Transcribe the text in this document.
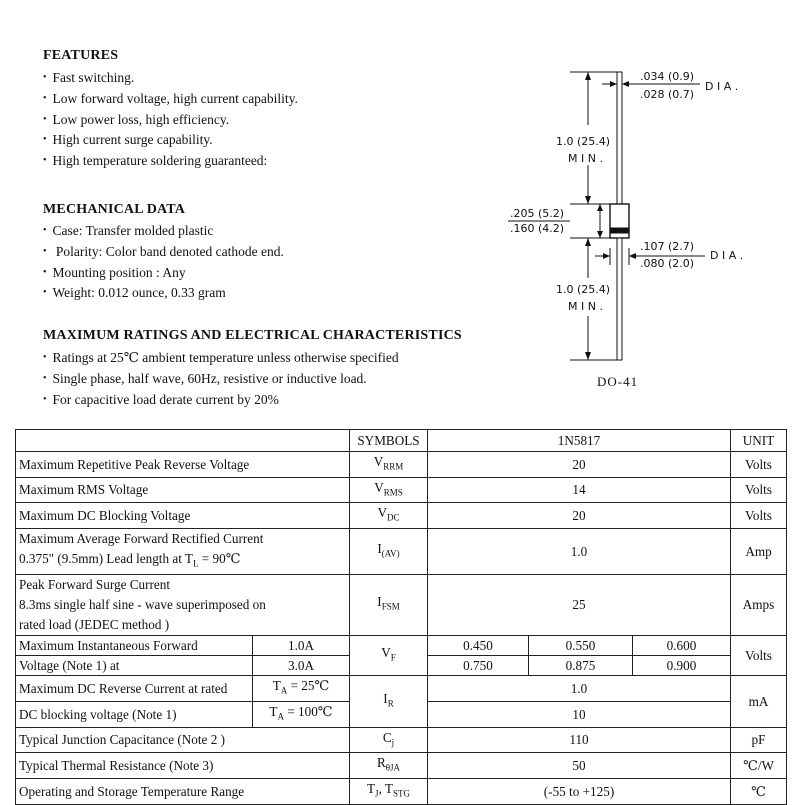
FEATURES
• Fast switching.
• Low forward voltage, high current capability.
• Low power loss, high efficiency.
• High current surge capability.
• High temperature soldering guaranteed:
MECHANICAL DATA
• Case: Transfer molded plastic
• Polarity: Color band denoted cathode end.
• Mounting position : Any
• Weight: 0.012 ounce, 0.33 gram
MAXIMUM RATINGS AND ELECTRICAL CHARACTERISTICS
• Ratings at 25℃ ambient temperature unless otherwise specified
• Single phase, half wave, 60Hz, resistive or inductive load.
• For capacitive load derate current by 20%
.034 (0.9)
.028 (0.7)
D I A .
1.0 (25.4)
M I N .
.205 (5.2)
.160 (4.2)
.107 (2.7)
.080 (2.0)
D I A .
1.0 (25.4)
M I N .
DO-41
		SYMBOLS	1N5817			UNIT
Maximum Repetitive Peak Reverse Voltage		$V_{RRM}$	20			Volts
Maximum RMS Voltage		$V_{RMS}$	14			Volts
Maximum DC Blocking Voltage		$V_{DC}$	20			Volts

Maximum Average Forward Rectified Current
0.375" (9.5mm) Lead length at $T_L$ = 90℃		$I_{(AV)}$	1.0			Amp

Peak Forward Surge Current
8.3ms single half sine - wave superimposed on
rated load (JEDEC method )		$I_{FSM}$	25			Amps
Maximum Instantaneous Forward	1.0A	$V_F$	0.450	0.550	0.600	Volts
Voltage (Note 1) at	3.0A		0.750	0.875	0.900	
Maximum DC Reverse Current at rated	$T_A$ = 25℃	$I_R$	1.0			mA
DC blocking voltage (Note 1)	$T_A$ = 100℃		10			
Typical Junction Capacitance (Note 2 )		$C_j$	110			pF
Typical Thermal Resistance (Note 3)		$R_{\theta JA}$	50			℃/W
Operating and Storage Temperature Range		$T_J$, $T_{STG}$	(-55 to +125)			℃
